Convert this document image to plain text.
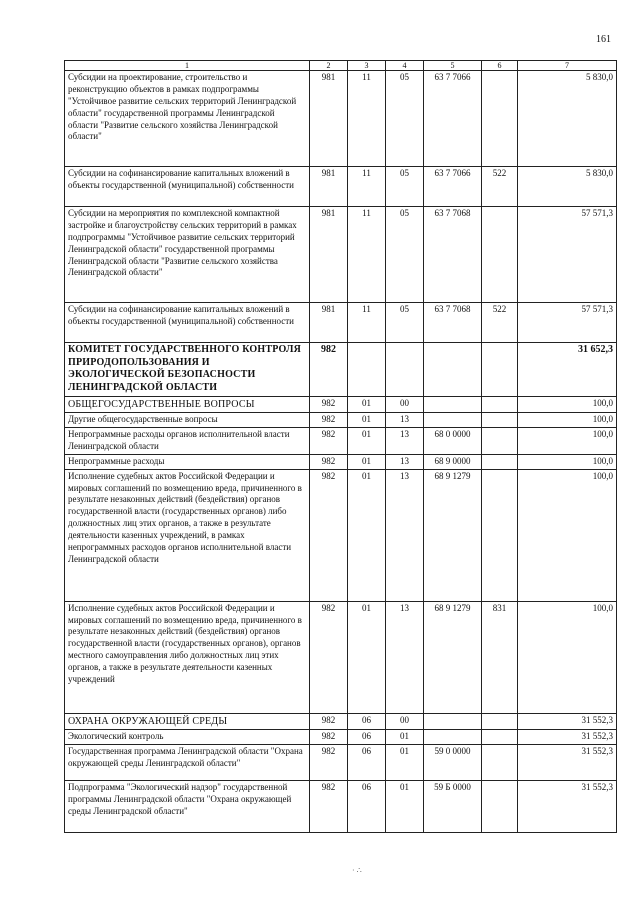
161
1	2	3	4	5	6	7
Субсидии на проектирование, строительство и реконструкцию объектов в рамках подпрограммы "Устойчивое развитие сельских территорий Ленинградской области" государственной программы Ленинградской области "Развитие сельского хозяйства Ленинградской области"	981	11	05	63 7 7066		5 830,0
Субсидии на софинансирование капитальных вложений в объекты государственной (муниципальной) собственности	981	11	05	63 7 7066	522	5 830,0
Субсидии на мероприятия по комплексной компактной застройке и благоустройству сельских территорий в рамках подпрограммы "Устойчивое развитие сельских территорий Ленинградской области" государственной программы Ленинградской области "Развитие сельского хозяйства Ленинградской области"	981	11	05	63 7 7068		57 571,3
Субсидии на софинансирование капитальных вложений в объекты государственной (муниципальной) собственности	981	11	05	63 7 7068	522	57 571,3
КОМИТЕТ ГОСУДАРСТВЕННОГО КОНТРОЛЯ ПРИРОДОПОЛЬЗОВАНИЯ И ЭКОЛОГИЧЕСКОЙ БЕЗОПАСНОСТИ ЛЕНИНГРАДСКОЙ ОБЛАСТИ	982					31 652,3
ОБЩЕГОСУДАРСТВЕННЫЕ ВОПРОСЫ	982	01	00			100,0
Другие общегосударственные вопросы	982	01	13			100,0
Непрограммные расходы органов исполнительной власти Ленинградской области	982	01	13	68 0 0000		100,0
Непрограммные расходы	982	01	13	68 9 0000		100,0
Исполнение судебных актов Российской Федерации и мировых соглашений по возмещению вреда, причиненного в результате незаконных действий (бездействия) органов государственной власти (государственных органов) либо должностных лиц этих органов, а также в результате деятельности казенных учреждений, в рамках непрограммных расходов органов исполнительной власти Ленинградской области	982	01	13	68 9 1279		100,0
Исполнение судебных актов Российской Федерации и мировых соглашений по возмещению вреда, причиненного в результате незаконных действий (бездействия) органов государственной власти (государственных органов), органов местного самоуправления либо должностных лиц этих органов, а также в результате деятельности казенных учреждений	982	01	13	68 9 1279	831	100,0
ОХРАНА ОКРУЖАЮЩЕЙ СРЕДЫ	982	06	00			31 552,3
Экологический контроль	982	06	01			31 552,3
Государственная программа Ленинградской области "Охрана окружающей среды Ленинградской области"	982	06	01	59 0 0000		31 552,3
Подпрограмма "Экологический надзор" государственной программы Ленинградской области "Охрана окружающей среды Ленинградской области"	982	06	01	59 Б 0000		31 552,3
· ∴
